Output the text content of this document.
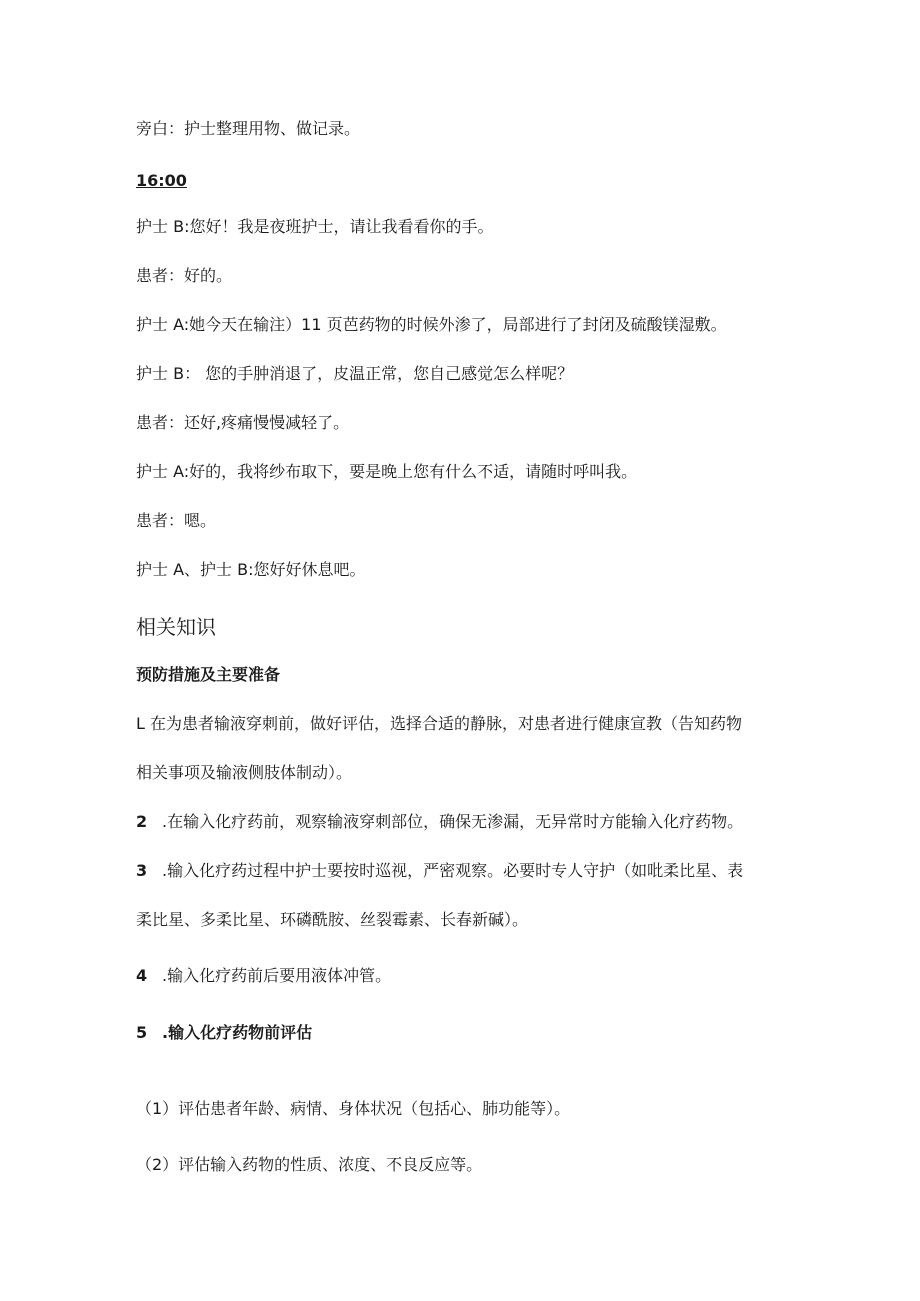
旁白：护士整理用物、做记录。
16:00
护士 B:您好！我是夜班护士，请让我看看你的手。
患者：好的。
护士 A:她今天在输注）11 页芭药物的时候外渗了，局部进行了封闭及硫酸镁湿敷。
护士 B： 您的手肿消退了，皮温正常，您自己感觉怎么样呢？
患者：还好,疼痛慢慢减轻了。
护士 A:好的，我将纱布取下，要是晚上您有什么不适，请随时呼叫我。
患者：嗯。
护士 A、护士 B:您好好休息吧。
相关知识
预防措施及主要准备
L 在为患者输液穿刺前，做好评估，选择合适的静脉，对患者进行健康宣教（告知药物
相关事项及输液侧肢体制动）。
2 .在输入化疗药前，观察输液穿刺部位，确保无渗漏，无异常时方能输入化疗药物。
3 .输入化疗药过程中护士要按时巡视，严密观察。必要时专人守护（如吡柔比星、表
柔比星、多柔比星、环磷酰胺、丝裂霉素、长春新碱）。
4 .输入化疗药前后要用液体冲管。
5 .输入化疗药物前评估
（1）评估患者年龄、病情、身体状况（包括心、肺功能等）。
（2）评估输入药物的性质、浓度、不良反应等。
